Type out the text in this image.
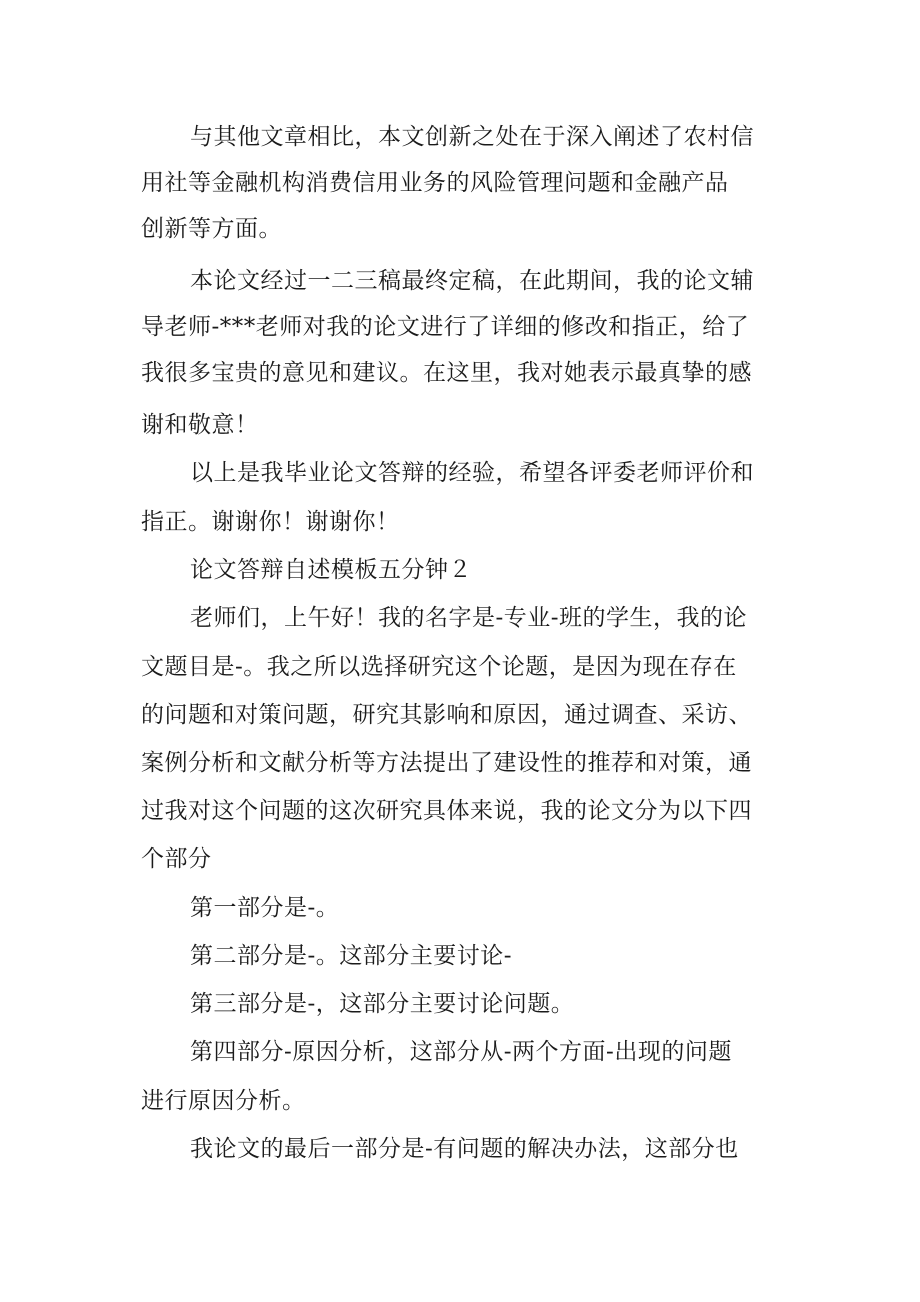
与其他文章相比，本文创新之处在于深入阐述了农村信
用社等金融机构消费信用业务的风险管理问题和金融产品
创新等方面。
本论文经过一二三稿最终定稿，在此期间，我的论文辅
导老师-***老师对我的论文进行了详细的修改和指正，给了
我很多宝贵的意见和建议。在这里，我对她表示最真挚的感
谢和敬意！
以上是我毕业论文答辩的经验，希望各评委老师评价和
指正。谢谢你！谢谢你！
论文答辩自述模板五分钟２
老师们，上午好！我的名字是-专业-班的学生，我的论
文题目是-。我之所以选择研究这个论题，是因为现在存在
的问题和对策问题，研究其影响和原因，通过调查、采访、
案例分析和文献分析等方法提出了建设性的推荐和对策，通
过我对这个问题的这次研究具体来说，我的论文分为以下四
个部分
第一部分是-。
第二部分是-。这部分主要讨论-
第三部分是-，这部分主要讨论问题。
第四部分-原因分析，这部分从-两个方面-出现的问题
进行原因分析。
我论文的最后一部分是-有问题的解决办法，这部分也
